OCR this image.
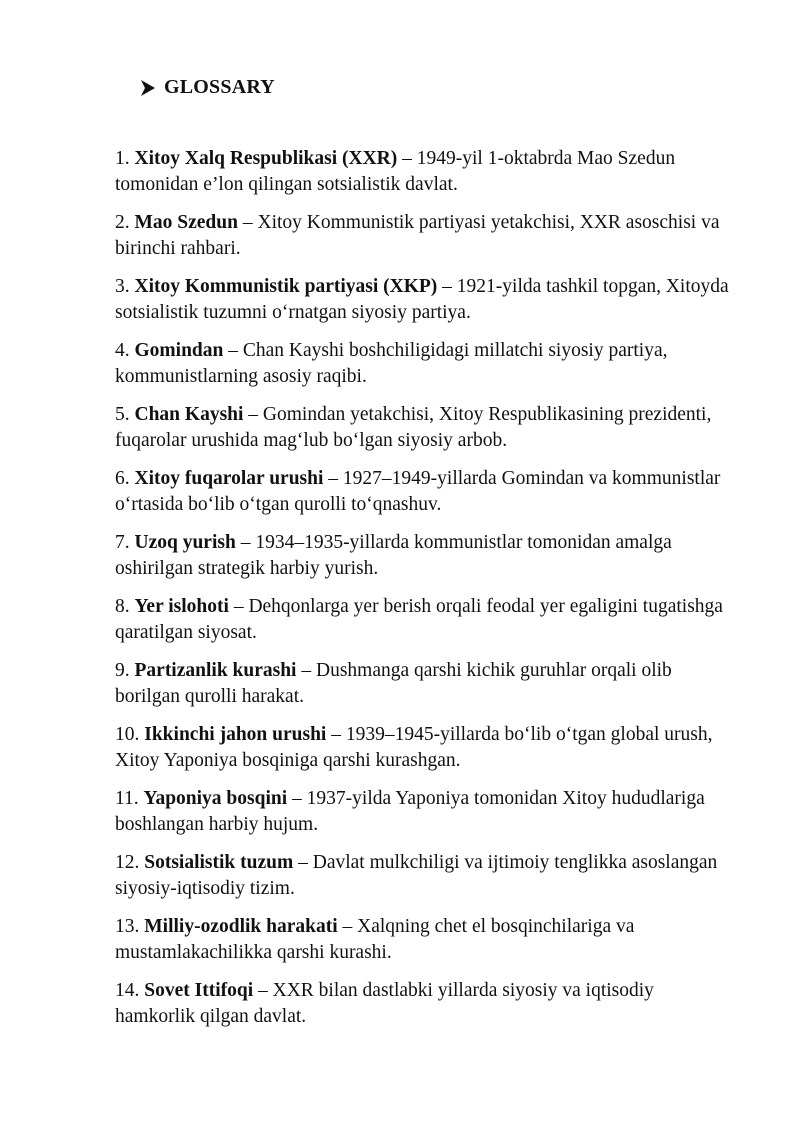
GLOSSARY

1. Xitoy Xalq Respublikasi (XXR) – 1949-yil 1-oktabrda Mao Szedun tomonidan e’lon qilingan sotsialistik davlat.

2. Mao Szedun – Xitoy Kommunistik partiyasi yetakchisi, XXR asoschisi va birinchi rahbari.

3. Xitoy Kommunistik partiyasi (XKP) – 1921-yilda tashkil topgan, Xitoyda sotsialistik tuzumni o‘rnatgan siyosiy partiya.

4. Gomindan – Chan Kayshi boshchiligidagi millatchi siyosiy partiya, kommunistlarning asosiy raqibi.

5. Chan Kayshi – Gomindan yetakchisi, Xitoy Respublikasining prezidenti, fuqarolar urushida mag‘lub bo‘lgan siyosiy arbob.

6. Xitoy fuqarolar urushi – 1927–1949-yillarda Gomindan va kommunistlar o‘rtasida bo‘lib o‘tgan qurolli to‘qnashuv.

7. Uzoq yurish – 1934–1935-yillarda kommunistlar tomonidan amalga oshirilgan strategik harbiy yurish.

8. Yer islohoti – Dehqonlarga yer berish orqali feodal yer egaligini tugatishga qaratilgan siyosat.

9. Partizanlik kurashi – Dushmanga qarshi kichik guruhlar orqali olib borilgan qurolli harakat.

10. Ikkinchi jahon urushi – 1939–1945-yillarda bo‘lib o‘tgan global urush, Xitoy Yaponiya bosqiniga qarshi kurashgan.

11. Yaponiya bosqini – 1937-yilda Yaponiya tomonidan Xitoy hududlariga boshlangan harbiy hujum.

12. Sotsialistik tuzum – Davlat mulkchiligi va ijtimoiy tenglikka asoslangan siyosiy-iqtisodiy tizim.

13. Milliy-ozodlik harakati – Xalqning chet el bosqinchilariga va mustamlakachilikka qarshi kurashi.

14. Sovet Ittifoqi – XXR bilan dastlabki yillarda siyosiy va iqtisodiy hamkorlik qilgan davlat.
